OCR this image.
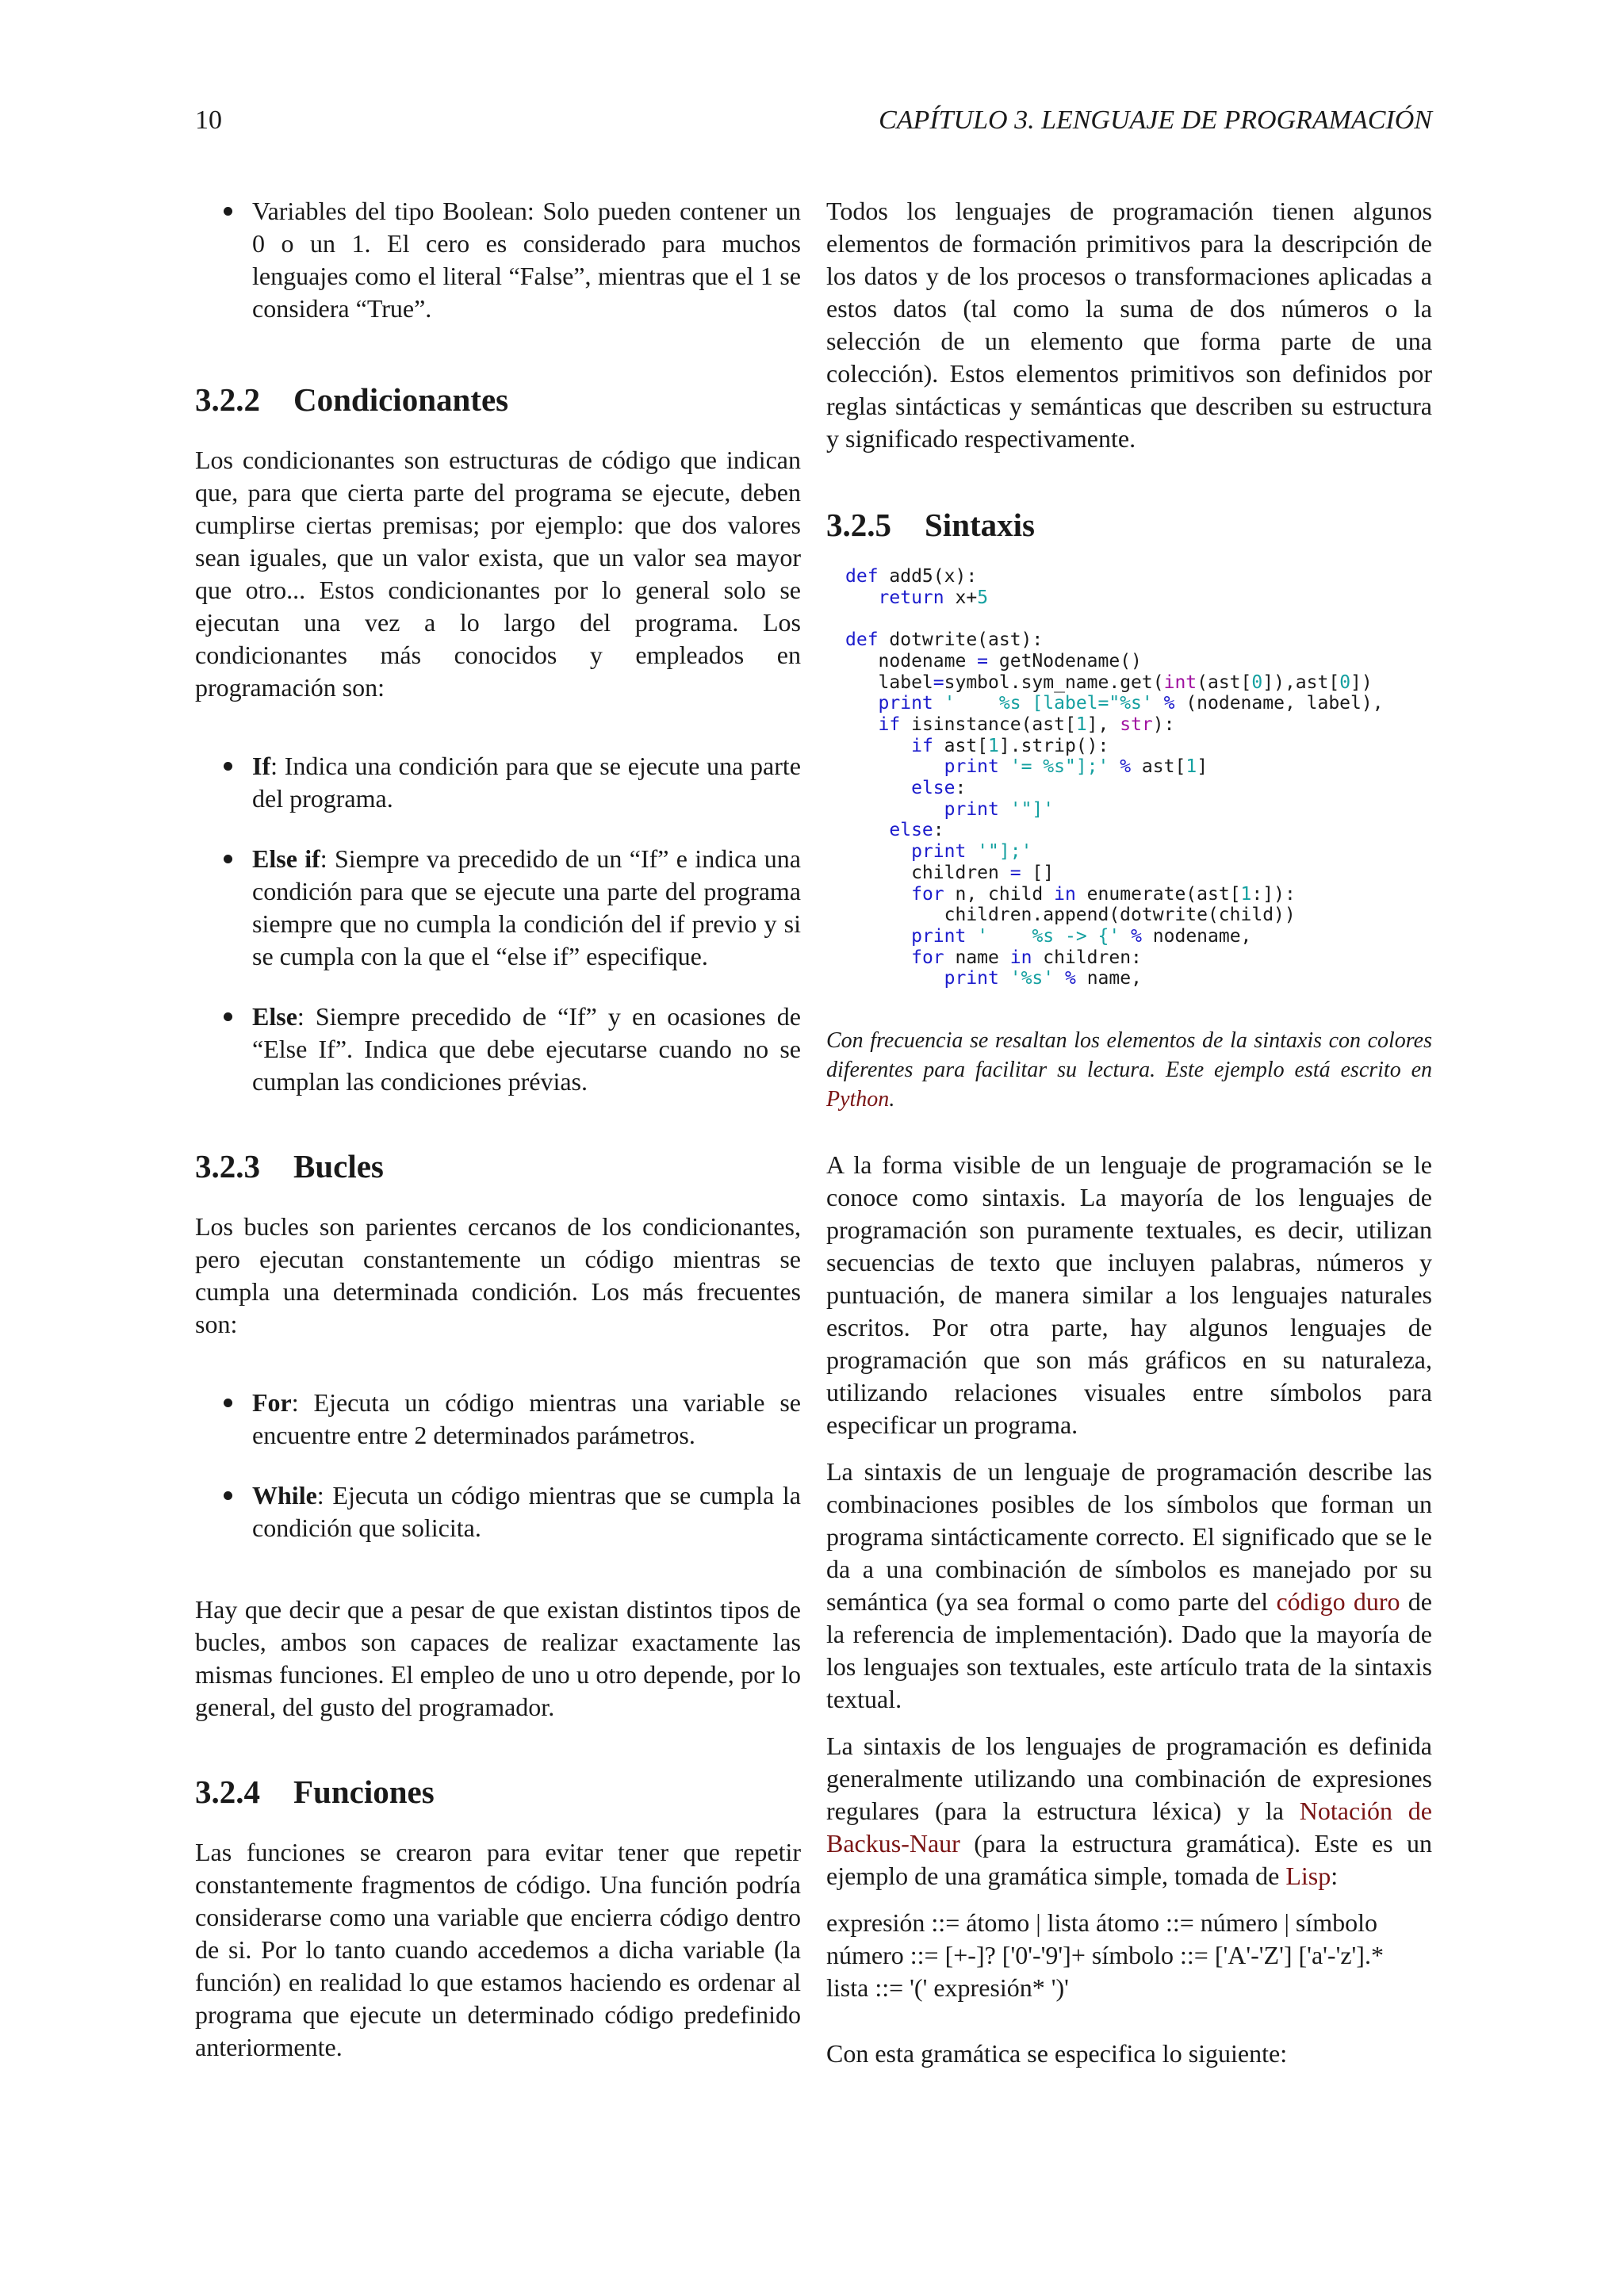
10	CAPÍTULO 3. LENGUAJE DE PROGRAMACIÓN
Variables del tipo Boolean: Solo pueden contener un 0 o un 1. El cero es considerado para muchos lenguajes como el literal “False”, mientras que el 1 se considera “True”.
3.2.2 Condicionantes

Los condicionantes son estructuras de código que indican que, para que cierta parte del programa se ejecute, deben cumplirse ciertas premisas; por ejemplo: que dos valores sean iguales, que un valor exista, que un valor sea mayor que otro... Estos condicionantes por lo general solo se ejecutan una vez a lo largo del programa. Los condicionantes más conocidos y empleados en programación son:

If: Indica una condición para que se ejecute una parte del programa.
Else if: Siempre va precedido de un “If” e indica una condición para que se ejecute una parte del programa siempre que no cumpla la condición del if previo y si se cumpla con la que el “else if” especifique.
Else: Siempre precedido de “If” y en ocasiones de “Else If”. Indica que debe ejecutarse cuando no se cumplan las condiciones prévias.
3.2.3 Bucles

Los bucles son parientes cercanos de los condicionantes, pero ejecutan constantemente un código mientras se cumpla una determinada condición. Los más frecuentes son:

For: Ejecuta un código mientras una variable se encuentre entre 2 determinados parámetros.
While: Ejecuta un código mientras que se cumpla la condición que solicita.

Hay que decir que a pesar de que existan distintos tipos de bucles, ambos son capaces de realizar exactamente las mismas funciones. El empleo de uno u otro depende, por lo general, del gusto del programador.

3.2.4 Funciones

Las funciones se crearon para evitar tener que repetir constantemente fragmentos de código. Una función podría considerarse como una variable que encierra código dentro de si. Por lo tanto cuando accedemos a dicha variable (la función) en realidad lo que estamos haciendo es ordenar al programa que ejecute un determinado código predefinido anteriormente.

Todos los lenguajes de programación tienen algunos elementos de formación primitivos para la descripción de los datos y de los procesos o transformaciones aplicadas a estos datos (tal como la suma de dos números o la selección de un elemento que forma parte de una colección). Estos elementos primitivos son definidos por reglas sintácticas y semánticas que describen su estructura y significado respectivamente.

3.2.5 Sintaxis
def add5(x):
return x+5

def dotwrite(ast):
nodename = getNodename()
label=symbol.sym_name.get(int(ast[0]),ast[0])
print '    %s [label="%s' % (nodename, label),
if isinstance(ast[1], str):
if ast[1].strip():
print '= %s"];' % ast[1]
else:
print '"]'
else:
print '"];'
children = []
for n, child in enumerate(ast[1:]):
children.append(dotwrite(child))
print '    %s -> {' % nodename,
for name in children:
print '%s' % name,

Con frecuencia se resaltan los elementos de la sintaxis con colores diferentes para facilitar su lectura. Este ejemplo está escrito en Python.

A la forma visible de un lenguaje de programación se le conoce como sintaxis. La mayoría de los lenguajes de programación son puramente textuales, es decir, utilizan secuencias de texto que incluyen palabras, números y puntuación, de manera similar a los lenguajes naturales escritos. Por otra parte, hay algunos lenguajes de programación que son más gráficos en su naturaleza, utilizando relaciones visuales entre símbolos para especificar un programa.

La sintaxis de un lenguaje de programación describe las combinaciones posibles de los símbolos que forman un programa sintácticamente correcto. El significado que se le da a una combinación de símbolos es manejado por su semántica (ya sea formal o como parte del código duro de la referencia de implementación). Dado que la mayoría de los lenguajes son textuales, este artículo trata de la sintaxis textual.

La sintaxis de los lenguajes de programación es definida generalmente utilizando una combinación de expresiones regulares (para la estructura léxica) y la Notación de Backus-Naur (para la estructura gramática). Este es un ejemplo de una gramática simple, tomada de Lisp:

expresión ::= átomo | lista átomo ::= número | símbolo
número ::= [+-]? ['0'-'9']+ símbolo ::= ['A'-'Z'] ['a'-'z'].*
lista ::= '(' expresión* ')'

Con esta gramática se especifica lo siguiente:
